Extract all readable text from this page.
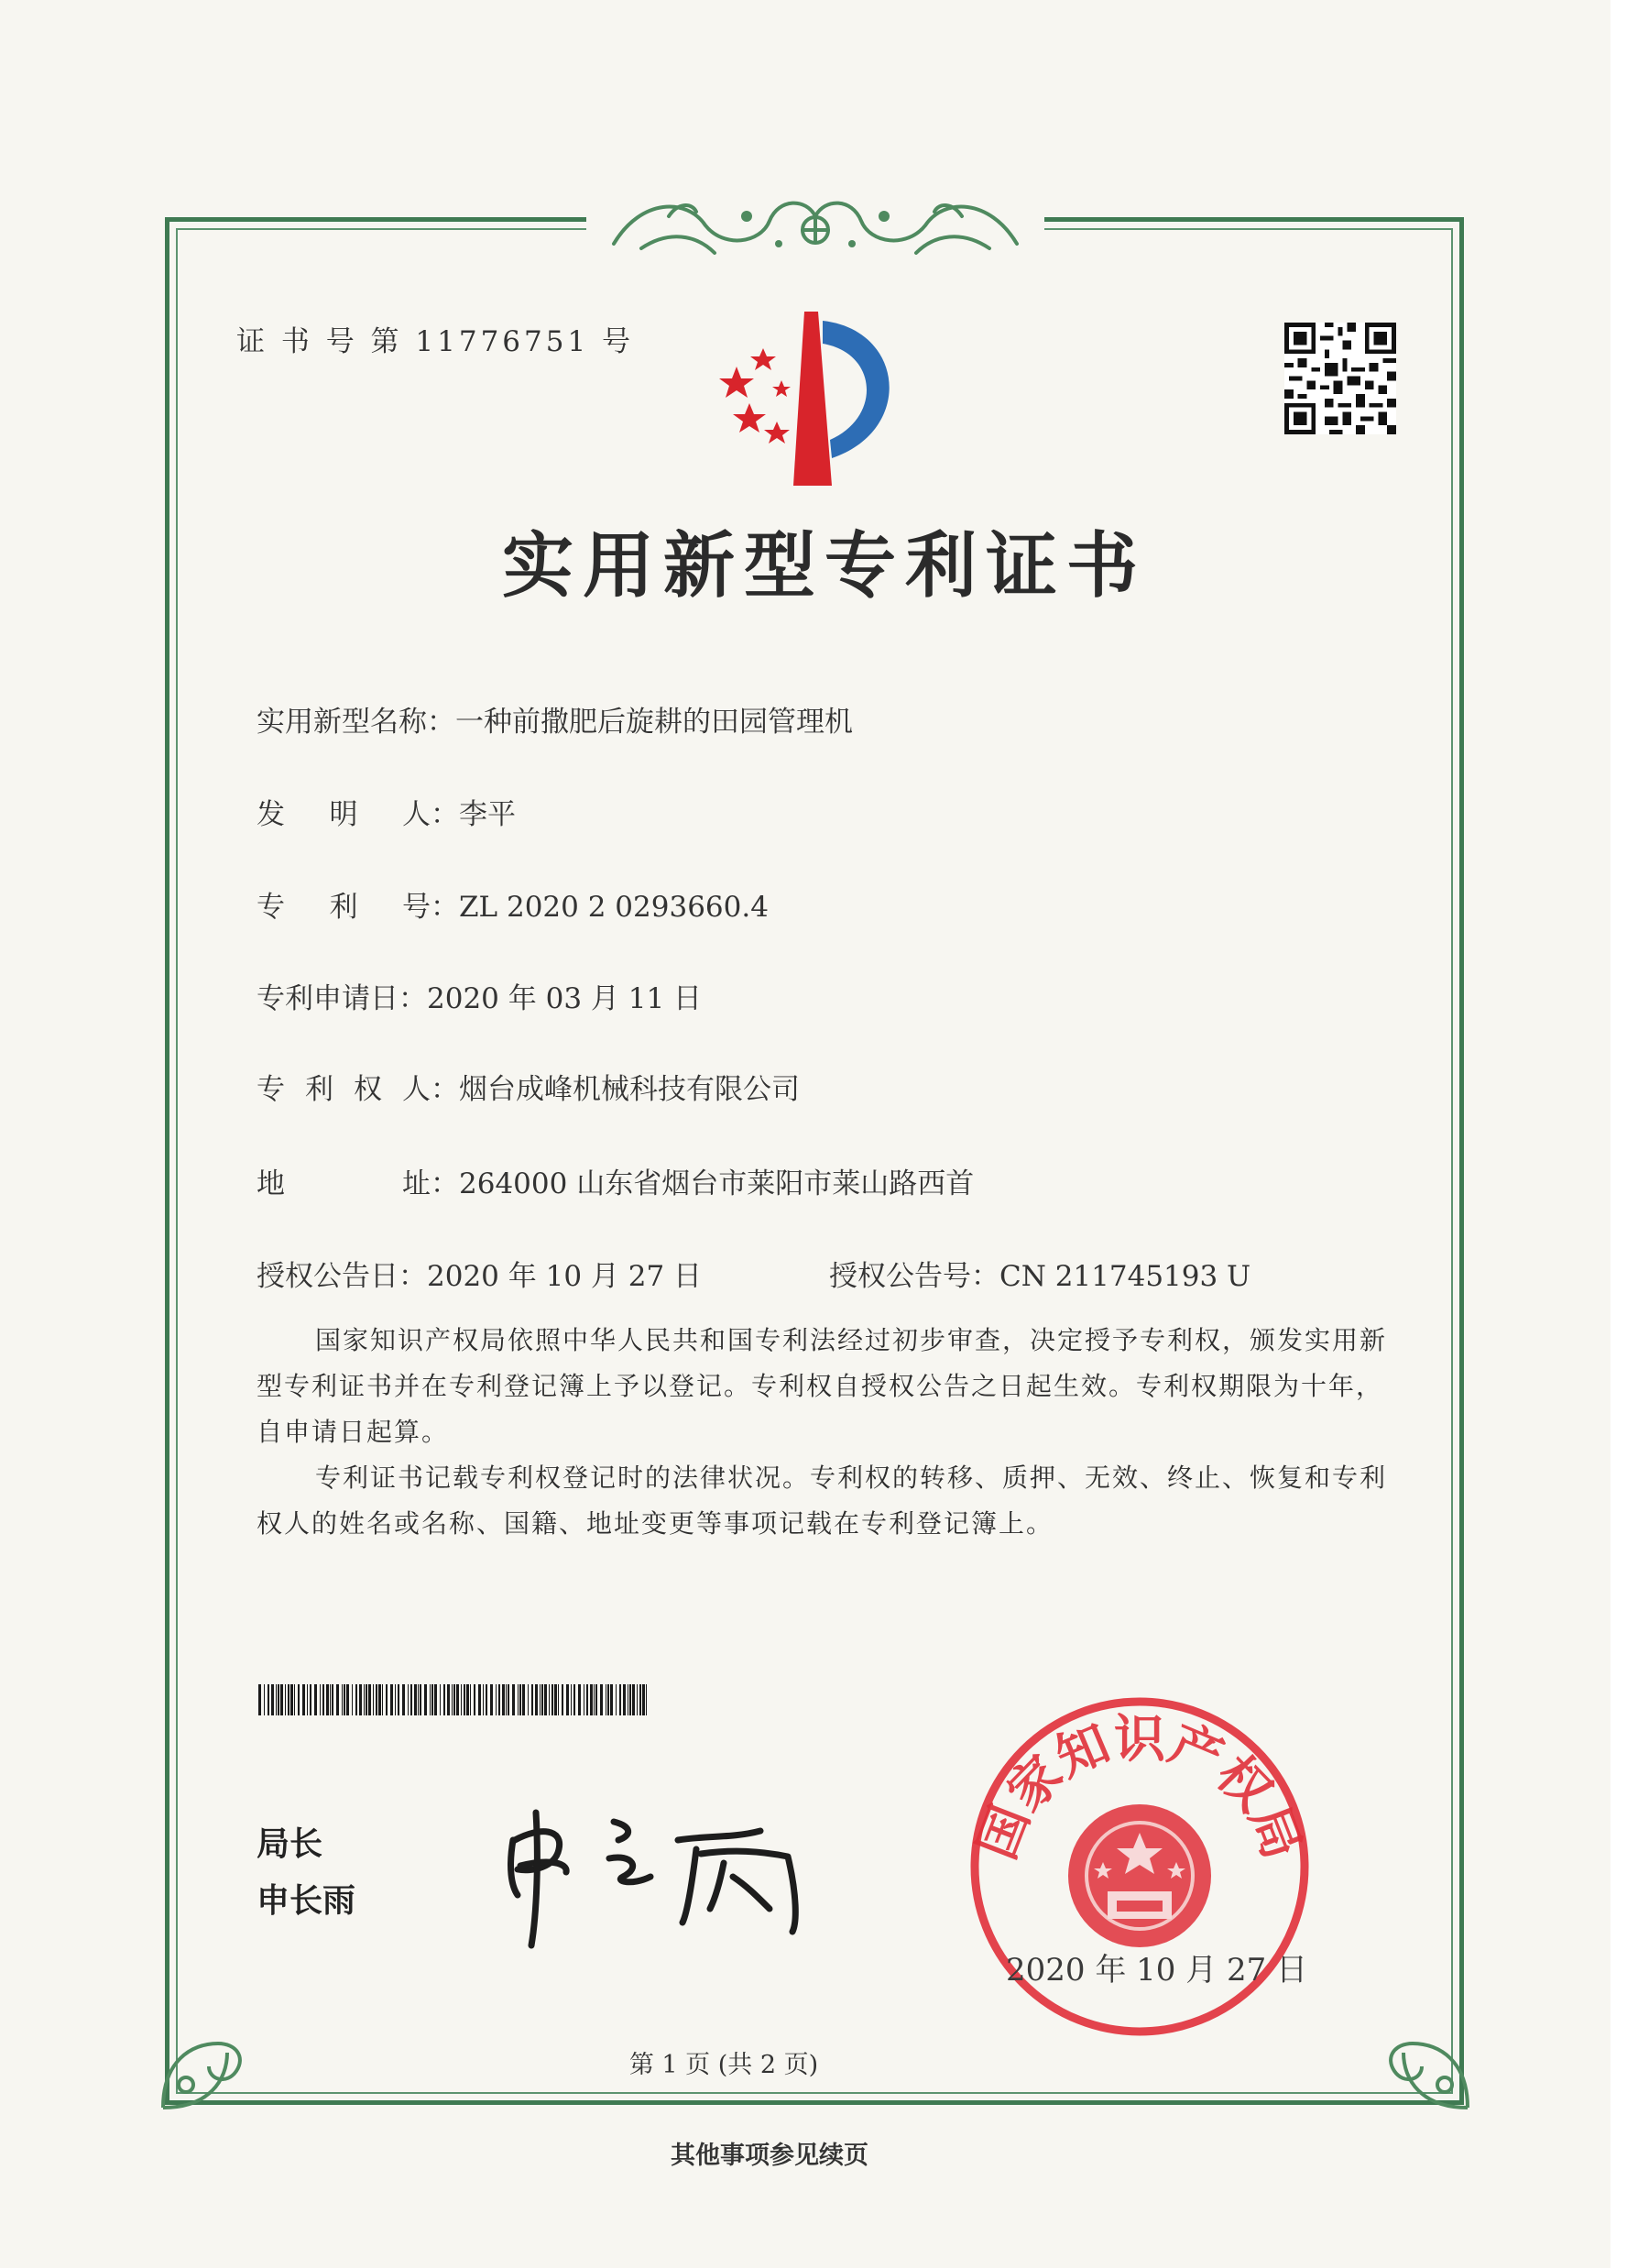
证 书 号 第 11776751 号
实用新型专利证书
实用新型名称：一种前撒肥后旋耕的田园管理机
发 明 人 ：李平
专 利 号 ：ZL 2020 2 0293660.4
专利申请日：2020 年 03 月 11 日
专 利 权 人 ：烟台成峰机械科技有限公司
地	址 ：264000 山东省烟台市莱阳市莱山路西首
授权公告日：2020 年 10 月 27 日	授权公告号：CN 211745193 U
国家知识产权局依照中华人民共和国专利法经过初步审查，决定授予专利权，颁发实用新型专利证书并在专利登记簿上予以登记。专利权自授权公告之日起生效。专利权期限为十年，自申请日起算。
专利证书记载专利权登记时的法律状况。专利权的转移、质押、无效、终止、恢复和专利权人的姓名或名称、国籍、地址变更等事项记载在专利登记簿上。
局长
申长雨
国家知识产权局
2020 年 10 月 27 日
第 1 页 (共 2 页)
其他事项参见续页
